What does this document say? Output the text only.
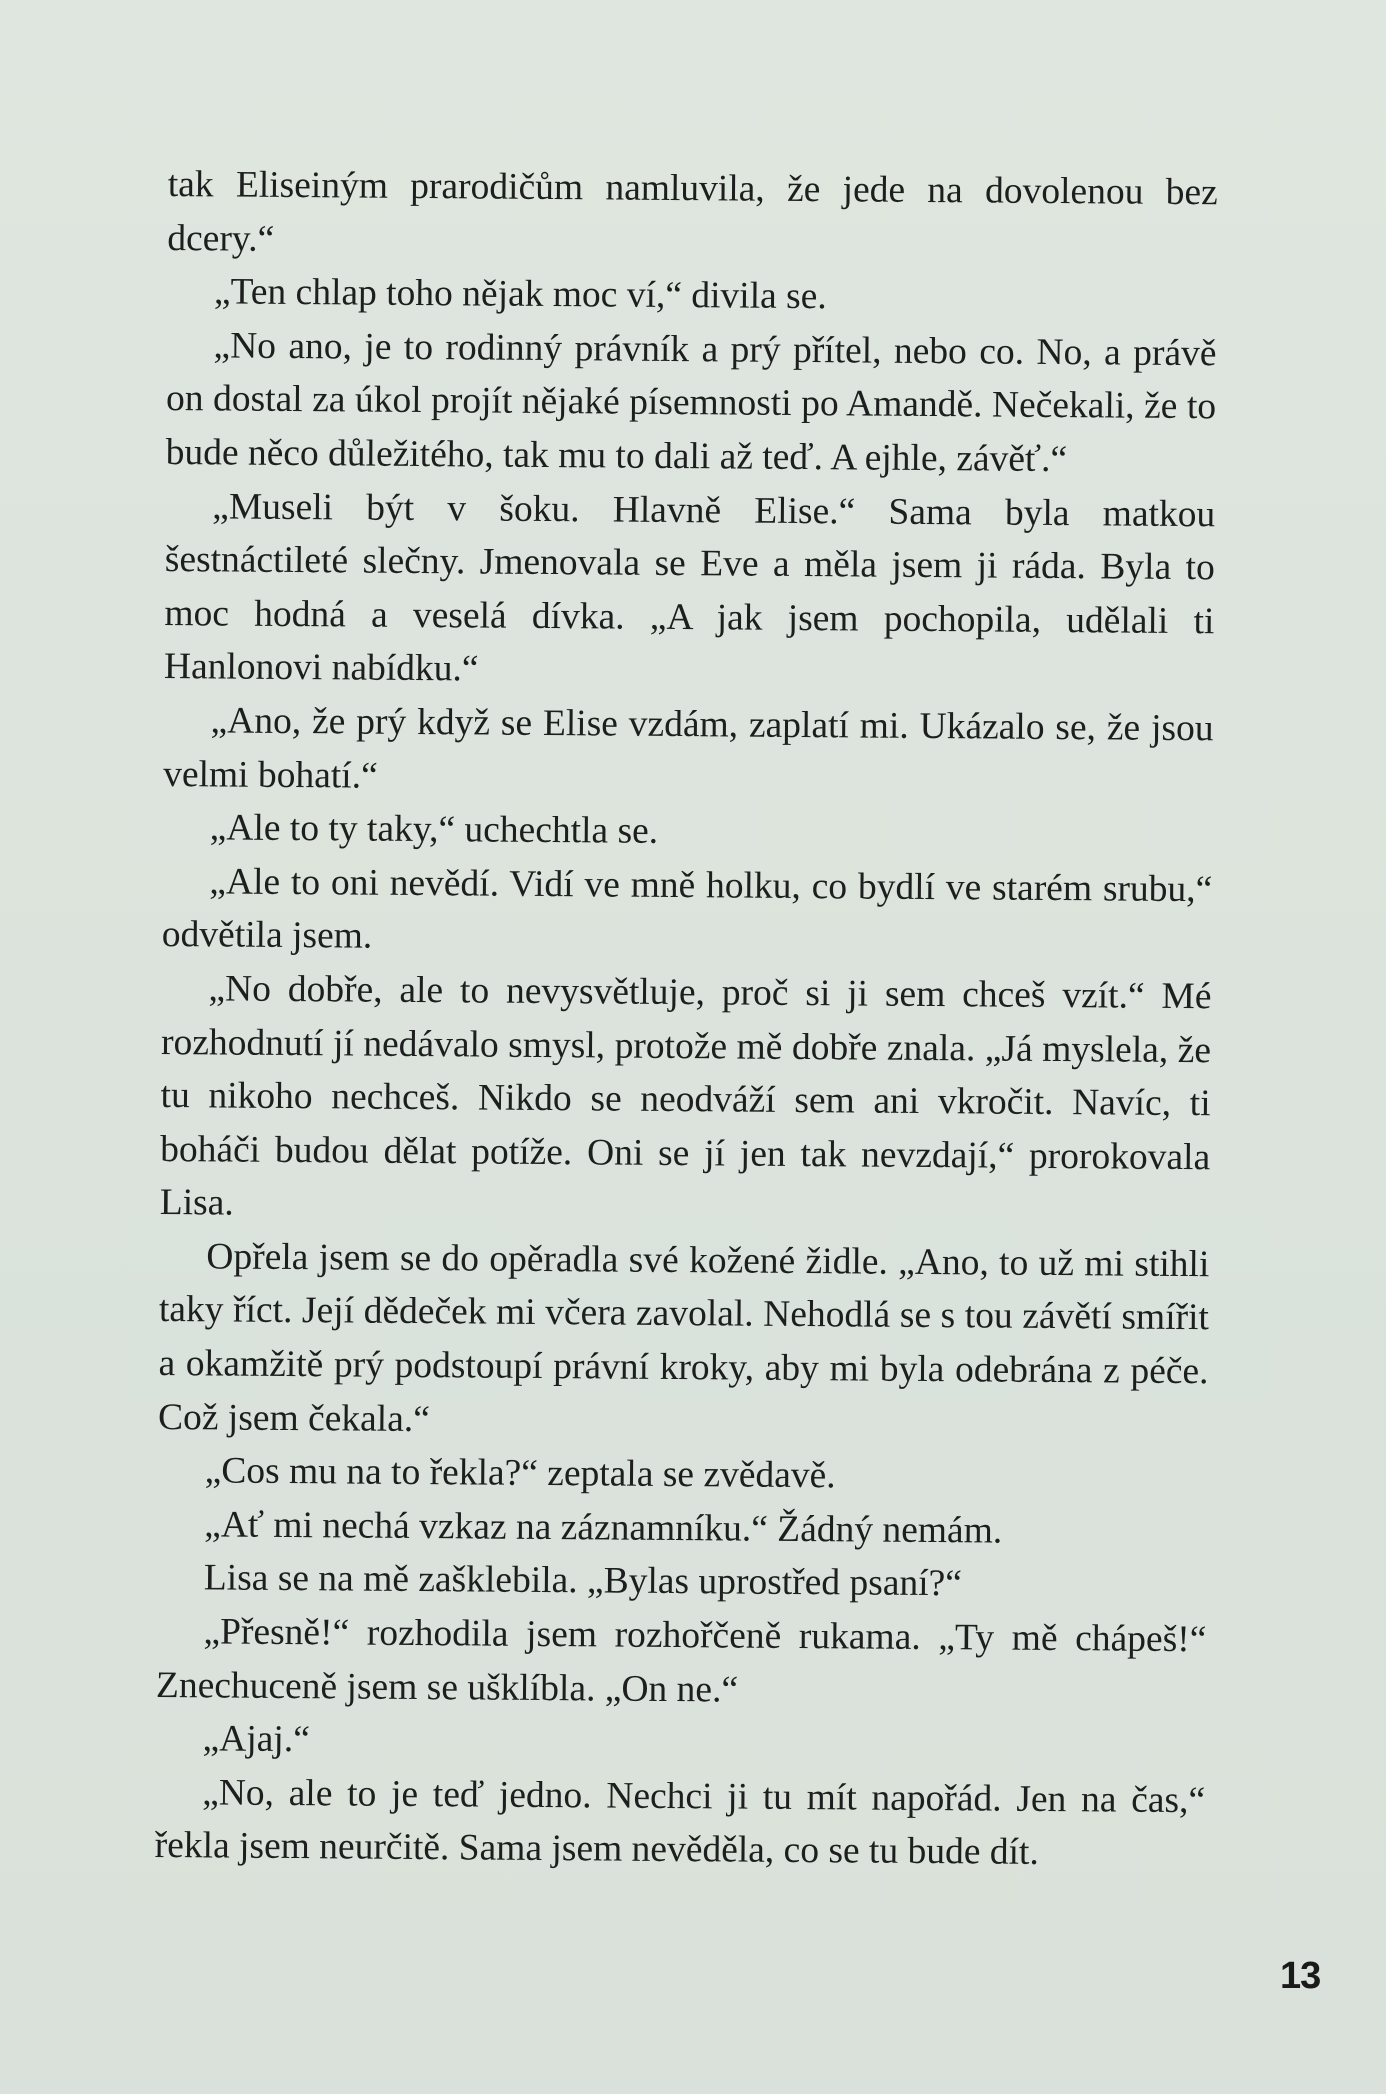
tak Eliseiným prarodičům namluvila, že jede na dovolenou bez dcery.“

„Ten chlap toho nějak moc ví,“ divila se.

„No ano, je to rodinný právník a prý přítel, nebo co. No, a právě on dostal za úkol projít nějaké písemnosti po Amandě. Nečekali, že to bude něco důležitého, tak mu to dali až teď. A ejhle, závěť.“

„Museli být v šoku. Hlavně Elise.“ Sama byla matkou šestnáctileté slečny. Jmenovala se Eve a měla jsem ji ráda. Byla to moc hodná a veselá dívka. „A jak jsem pochopila, udělali ti Hanlonovi nabídku.“

„Ano, že prý když se Elise vzdám, zaplatí mi. Ukázalo se, že jsou velmi bohatí.“

„Ale to ty taky,“ uchechtla se.

„Ale to oni nevědí. Vidí ve mně holku, co bydlí ve starém srubu,“ odvětila jsem.

„No dobře, ale to nevysvětluje, proč si ji sem chceš vzít.“ Mé rozhodnutí jí nedávalo smysl, protože mě dobře znala. „Já myslela, že tu nikoho nechceš. Nikdo se neodváží sem ani vkročit. Navíc, ti boháči budou dělat potíže. Oni se jí jen tak nevzdají,“ prorokovala Lisa.

Opřela jsem se do opěradla své kožené židle. „Ano, to už mi stihli taky říct. Její dědeček mi včera zavolal. Nehodlá se s tou závětí smířit a okamžitě prý podstoupí právní kroky, aby mi byla odebrána z péče. Což jsem čekala.“

„Cos mu na to řekla?“ zeptala se zvědavě.

„Ať mi nechá vzkaz na záznamníku.“ Žádný nemám.

Lisa se na mě zašklebila. „Bylas uprostřed psaní?“

„Přesně!“ rozhodila jsem rozhořčeně rukama. „Ty mě chápeš!“ Znechuceně jsem se ušklíbla. „On ne.“

„Ajaj.“

„No, ale to je teď jedno. Nechci ji tu mít napořád. Jen na čas,“ řekla jsem neurčitě. Sama jsem nevěděla, co se tu bude dít.

13
